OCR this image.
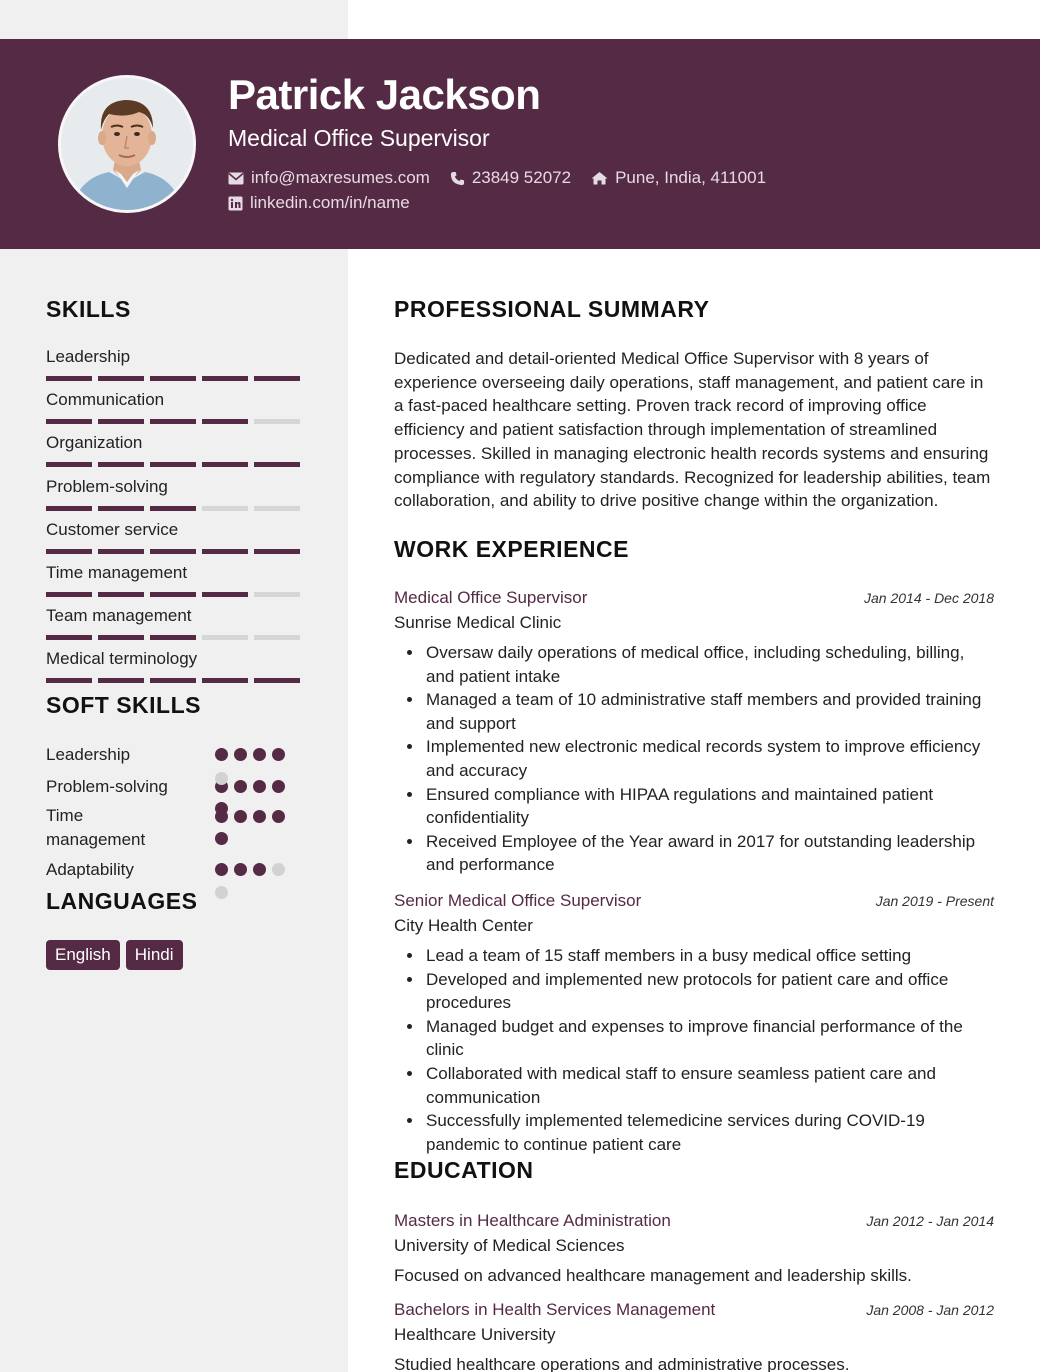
Patrick Jackson
Medical Office Supervisor
info@maxresumes.com 23849 52072	Pune, India, 411001
linkedin.com/in/name
SKILLS
Leadership
Communication
Organization
Problem-solving
Customer service
Time management
Team management
Medical terminology
SOFT SKILLS
Leadership
Problem-solving
Time management
Adaptability
LANGUAGES
English	Hindi
PROFESSIONAL SUMMARY
Dedicated and detail-oriented Medical Office Supervisor with 8 years of experience overseeing daily operations, staff management, and patient care in a fast-paced healthcare setting. Proven track record of improving office efficiency and patient satisfaction through implementation of streamlined processes. Skilled in managing electronic health records systems and ensuring compliance with regulatory standards. Recognized for leadership abilities, team collaboration, and ability to drive positive change within the organization.
WORK EXPERIENCE
Medical Office Supervisor	Jan 2014 - Dec 2018
Sunrise Medical Clinic
Oversaw daily operations of medical office, including scheduling, billing, and patient intake
Managed a team of 10 administrative staff members and provided training and support
Implemented new electronic medical records system to improve efficiency and accuracy
Ensured compliance with HIPAA regulations and maintained patient confidentiality
Received Employee of the Year award in 2017 for outstanding leadership and performance
Senior Medical Office Supervisor	Jan 2019 - Present
City Health Center
Lead a team of 15 staff members in a busy medical office setting
Developed and implemented new protocols for patient care and office procedures
Managed budget and expenses to improve financial performance of the clinic
Collaborated with medical staff to ensure seamless patient care and communication
Successfully implemented telemedicine services during COVID-19 pandemic to continue patient care
EDUCATION
Masters in Healthcare Administration	Jan 2012 - Jan 2014
University of Medical Sciences
Focused on advanced healthcare management and leadership skills.
Bachelors in Health Services Management	Jan 2008 - Jan 2012
Healthcare University
Studied healthcare operations and administrative processes.
